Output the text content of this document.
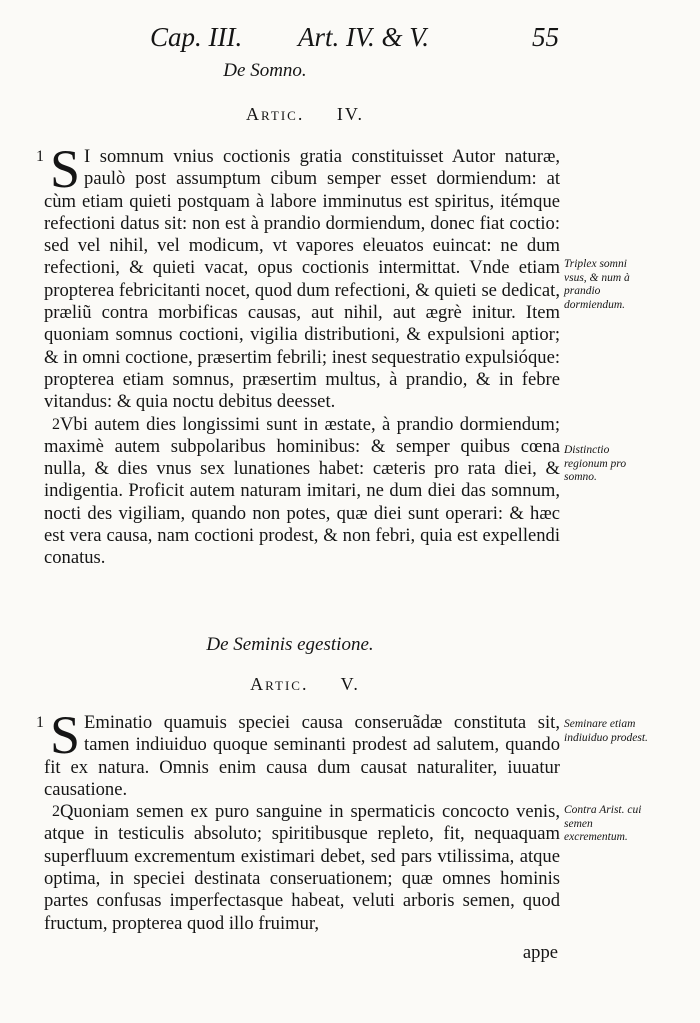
Cap. III. Art. IV. & V.	55
De Somno.
Artic. IV.

1 S I somnum vnius coctionis gratia constituisset Autor naturæ, paulò post assumptum cibum semper esset dormiendum: at cùm etiam quieti postquam à labore imminutus est spiritus, itémque refectioni datus sit: non est à prandio dormiendum, donec fiat coctio: sed vel nihil, vel modicum, vt vapores eleuatos euincat: ne dum refectioni, & quieti vacat, opus coctionis intermittat. Vnde etiam propterea febricitanti nocet, quod dum refectioni, & quieti se dedicat, præliũ contra morbificas causas, aut nihil, aut ægrè initur. Item quoniam somnus coctioni, vigilia distributioni, & expulsioni aptior; & in omni coctione, præsertim febrili; inest sequestratio expulsióque: propterea etiam somnus, præsertim multus, à prandio, & in febre vitandus: & quia noctu debitus deesset.

2 Vbi autem dies longissimi sunt in æstate, à prandio dormiendum; maximè autem subpolaribus hominibus: & semper quibus cœna nulla, & dies vnus sex lunationes habet: cæteris pro rata diei, & indigentia. Proficit autem naturam imitari, ne dum diei das somnum, nocti des vigiliam, quando non potes, quæ diei sunt operari: & hæc est vera causa, nam coctioni prodest, & non febri, quia est expellendi conatus.

De Seminis egestione.
Artic. V.

1 S Eminatio quamuis speciei causa conseruãdæ constituta sit, tamen indiuiduo quoque seminanti prodest ad salutem, quando fit ex natura. Omnis enim causa dum causat naturaliter, iuuatur causatione.

2 Quoniam semen ex puro sanguine in spermaticis concocto venis, atque in testiculis absoluto; spiritibusque repleto, fit, nequaquam superfluum excrementum existimari debet, sed pars vtilissima, atque optima, in speciei destinata conseruationem; quæ omnes hominis partes confusas imperfectasque habeat, veluti arboris semen, quod fructum, propterea quod illo fruimur,

appe
Triplex somni vsus, & num à prandio dormiendum.
Distinctio regionum pro somno.
Seminare etiam indiuiduo prodest.
Contra Arist. cui semen excrementum.
